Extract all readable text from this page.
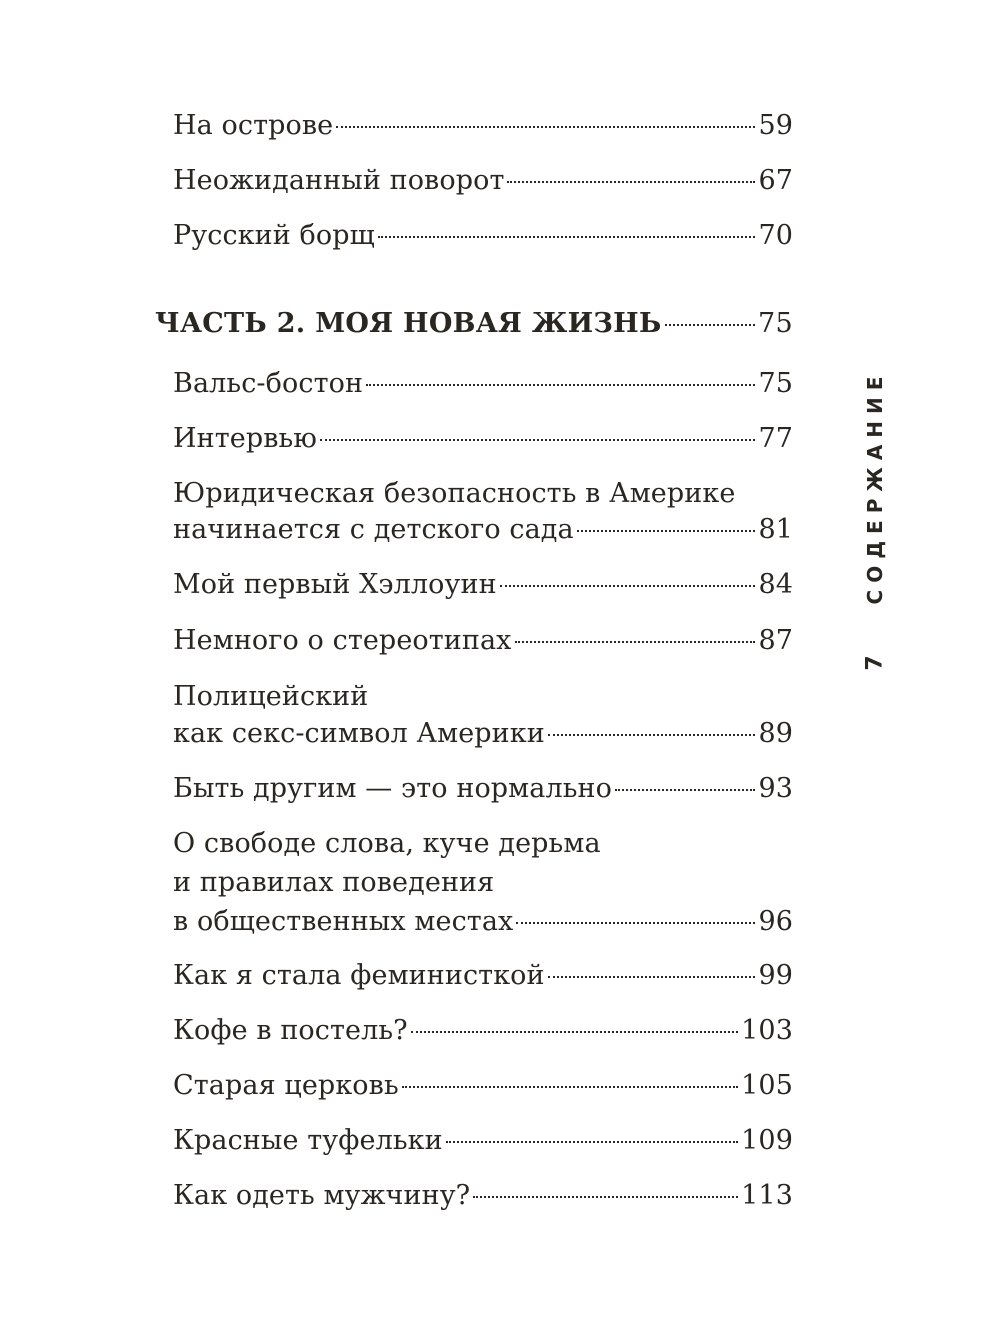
На острове	59
Неожиданный поворот	67
Русский борщ	70
ЧАСТЬ 2. МОЯ НОВАЯ ЖИЗНЬ	75
Вальс-бостон	75
Интервью	77
Юридическая безопасность в Америке
начинается с детского сада	81
Мой первый Хэллоуин	84
Немного о стереотипах	87
Полицейский
как секс-символ Америки	89
Быть другим — это нормально	93
О свободе слова, куче дерьма
и правилах поведения
в общественных местах	96
Как я стала феминисткой	99
Кофе в постель?	103
Старая церковь	105
Красные туфельки	109
Как одеть мужчину?	113
СОДЕРЖАНИЕ
7
